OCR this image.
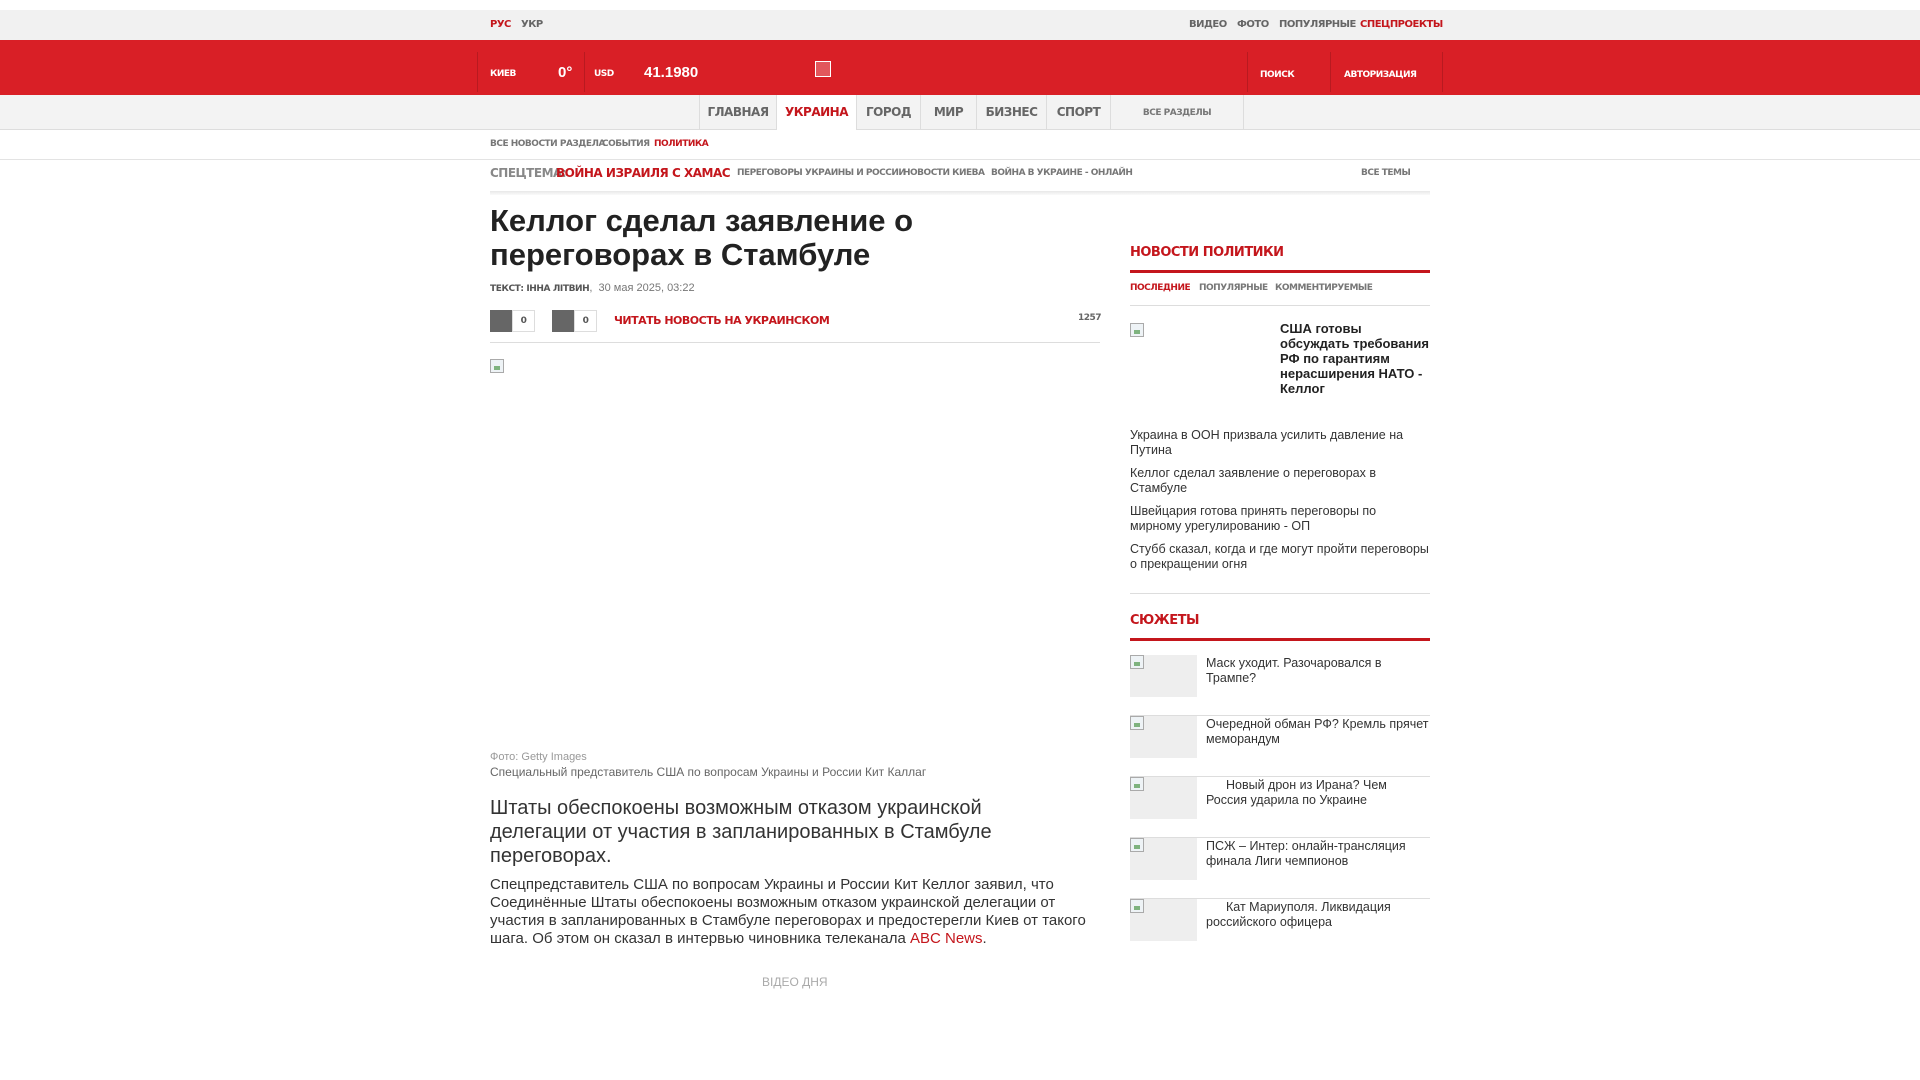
РУС УКР	ВИДЕО ФОТО ПОПУЛЯРНЫЕ СПЕЦПРОЕКТЫ
КИЕВ	0° USD 41.1980	ПОИСК	АВТОРИЗАЦИЯ
ГЛАВНАЯ	УКРАИНА	ГОРОД	МИР	БИЗНЕС	СПОРТ	ВСЕ РАЗДЕЛЫ
ВСЕ НОВОСТИ РАЗДЕЛА
СОБЫТИЯ ПОЛИТИКА
СПЕЦТЕМА:
ВОЙНА ИЗРАИЛЯ С ХАМАС ПЕРЕГОВОРЫ УКРАИНЫ И РОССИИ
НОВОСТИ КИЕВА ВОЙНА В УКРАИНЕ - ОНЛАЙН	ВСЕ ТЕМЫ
Келлог сделал заявление о переговорах в Стамбуле
ТЕКСТ: ІННА ЛІТВИН,  30 мая 2025, 03:22
0	0	ЧИТАТЬ НОВОСТЬ НА УКРАИНСКОМ	1257
Фото: Getty Images
Специальный представитель США по вопросам Украины и России Кит Каллаг

Штаты обеспокоены возможным отказом украинской делегации от участия в запланированных в Стамбуле переговорах.

Спецпредставитель США по вопросам Украины и России Кит Келлог заявил, что Соединённые Штаты обеспокоены возможным отказом украинской делегации от участия в запланированных в Стамбуле переговорах и предостерегли Киев от такого шага. Об этом он сказал в интервью чиновника телеканала ABC News.

ВІДЕО ДНЯ
НОВОСТИ ПОЛИТИКИ
ПОСЛЕДНИЕ ПОПУЛЯРНЫЕ КОММЕНТИРУЕМЫЕ
США готовы обсуждать требования РФ по гарантиям нерасширения НАТО - Келлог
Украина в ООН призвала усилить давление на Путина
Келлог сделал заявление о переговорах в Стамбуле
Швейцария готова принять переговоры по мирному урегулированию - ОП
Стубб сказал, когда и где могут пройти переговоры о прекращении огня
СЮЖЕТЫ
Маск уходит. Разочаровался в Трампе?
Очередной обман РФ? Кремль прячет меморандум
Новый дрон из Ирана? Чем Россия ударила по Украине
ПСЖ – Интер: онлайн-трансляция финала Лиги чемпионов
Кат Мариуполя. Ликвидация российского офицера
